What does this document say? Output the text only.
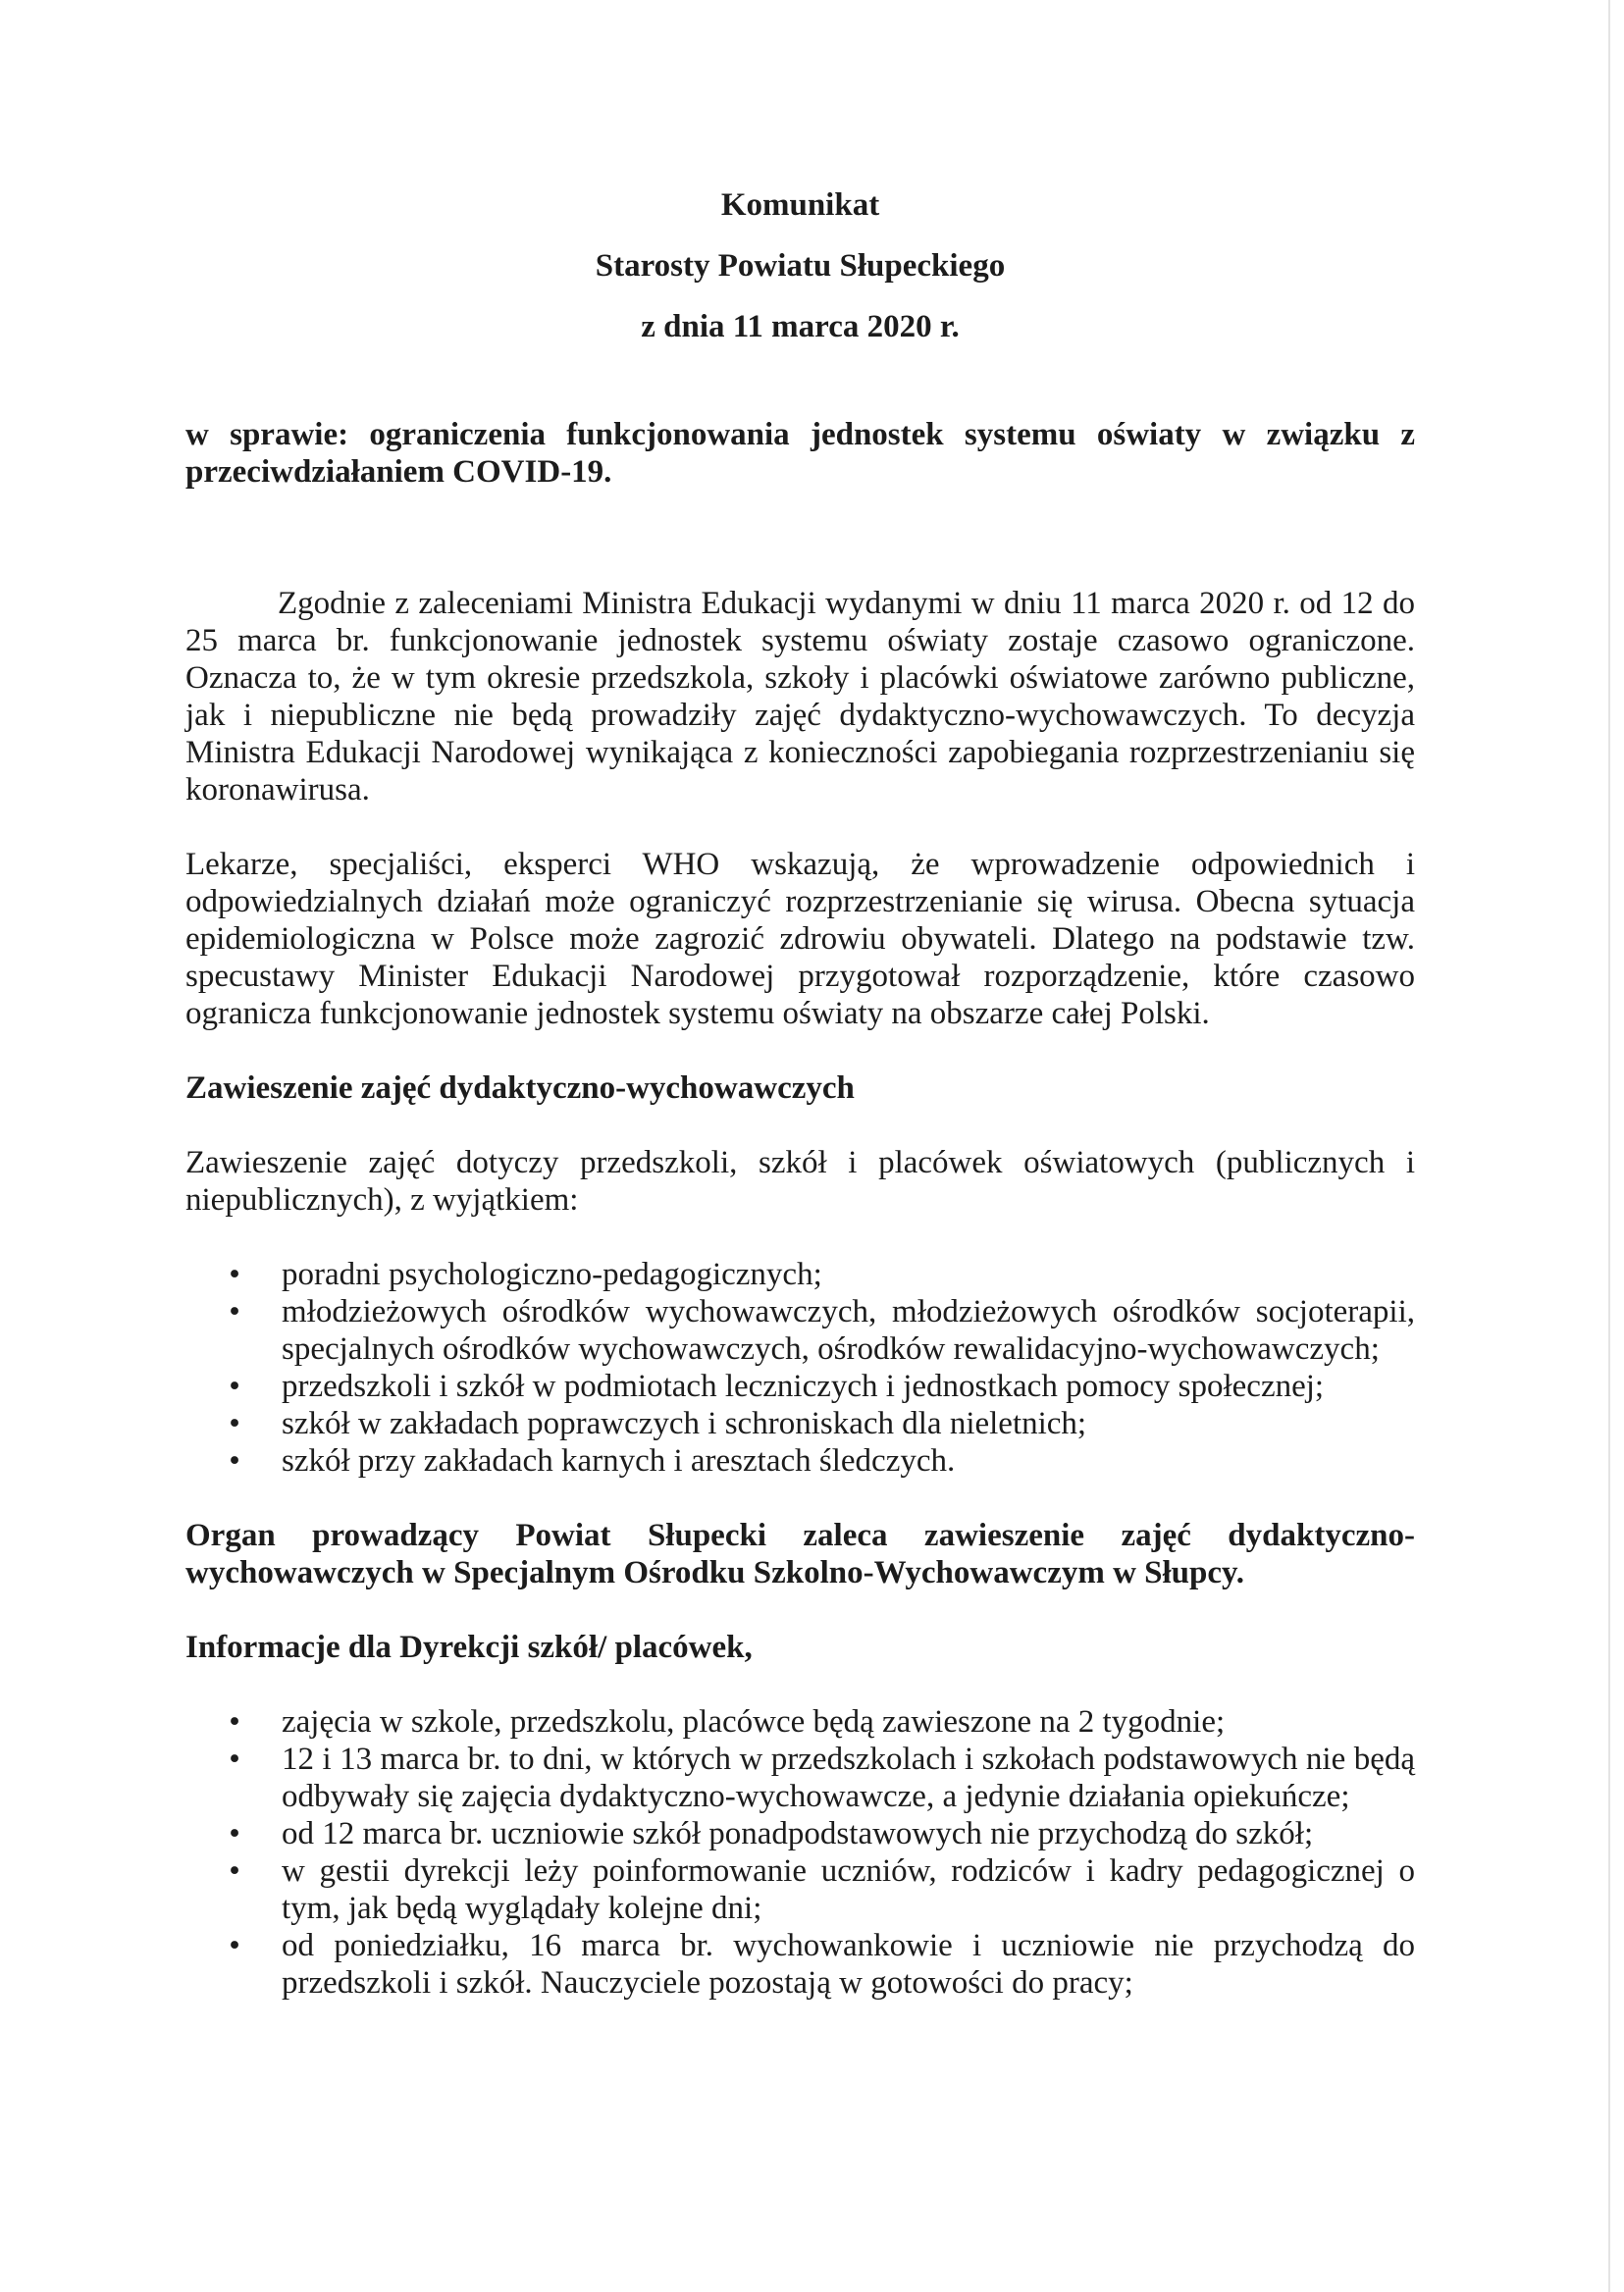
Komunikat
Starosty Powiatu Słupeckiego
z dnia 11 marca 2020 r.

w sprawie: ograniczenia funkcjonowania jednostek systemu oświaty w związku z przeciwdziałaniem COVID-19.

Zgodnie z zaleceniami Ministra Edukacji wydanymi w dniu 11 marca 2020 r. od 12 do 25 marca br. funkcjonowanie jednostek systemu oświaty zostaje czasowo ograniczone. Oznacza to, że w tym okresie przedszkola, szkoły i placówki oświatowe zarówno publiczne, jak i niepubliczne nie będą prowadziły zajęć dydaktyczno-wychowawczych. To decyzja Ministra Edukacji Narodowej wynikająca z konieczności zapobiegania rozprzestrzenianiu się koronawirusa.

Lekarze, specjaliści, eksperci WHO wskazują, że wprowadzenie odpowiednich i odpowiedzialnych działań może ograniczyć rozprzestrzenianie się wirusa. Obecna sytuacja epidemiologiczna w Polsce może zagrozić zdrowiu obywateli. Dlatego na podstawie tzw. specustawy Minister Edukacji Narodowej przygotował rozporządzenie, które czasowo ogranicza funkcjonowanie jednostek systemu oświaty na obszarze całej Polski.

Zawieszenie zajęć dydaktyczno-wychowawczych

Zawieszenie zajęć dotyczy przedszkoli, szkół i placówek oświatowych (publicznych i niepublicznych), z wyjątkiem:

• poradni psychologiczno-pedagogicznych;
• młodzieżowych ośrodków wychowawczych, młodzieżowych ośrodków socjoterapii, specjalnych ośrodków wychowawczych, ośrodków rewalidacyjno-wychowawczych;
• przedszkoli i szkół w podmiotach leczniczych i jednostkach pomocy społecznej;
• szkół w zakładach poprawczych i schroniskach dla nieletnich;
• szkół przy zakładach karnych i aresztach śledczych.

Organ prowadzący Powiat Słupecki zaleca zawieszenie zajęć dydaktyczno-wychowawczych w Specjalnym Ośrodku Szkolno-Wychowawczym w Słupcy.

Informacje dla Dyrekcji szkół/ placówek,

• zajęcia w szkole, przedszkolu, placówce będą zawieszone na 2 tygodnie;
• 12 i 13 marca br. to dni, w których w przedszkolach i szkołach podstawowych nie będą odbywały się zajęcia dydaktyczno-wychowawcze, a jedynie działania opiekuńcze;
• od 12 marca br. uczniowie szkół ponadpodstawowych nie przychodzą do szkół;
• w gestii dyrekcji leży poinformowanie uczniów, rodziców i kadry pedagogicznej o tym, jak będą wyglądały kolejne dni;
• od poniedziałku, 16 marca br. wychowankowie i uczniowie nie przychodzą do przedszkoli i szkół. Nauczyciele pozostają w gotowości do pracy;
